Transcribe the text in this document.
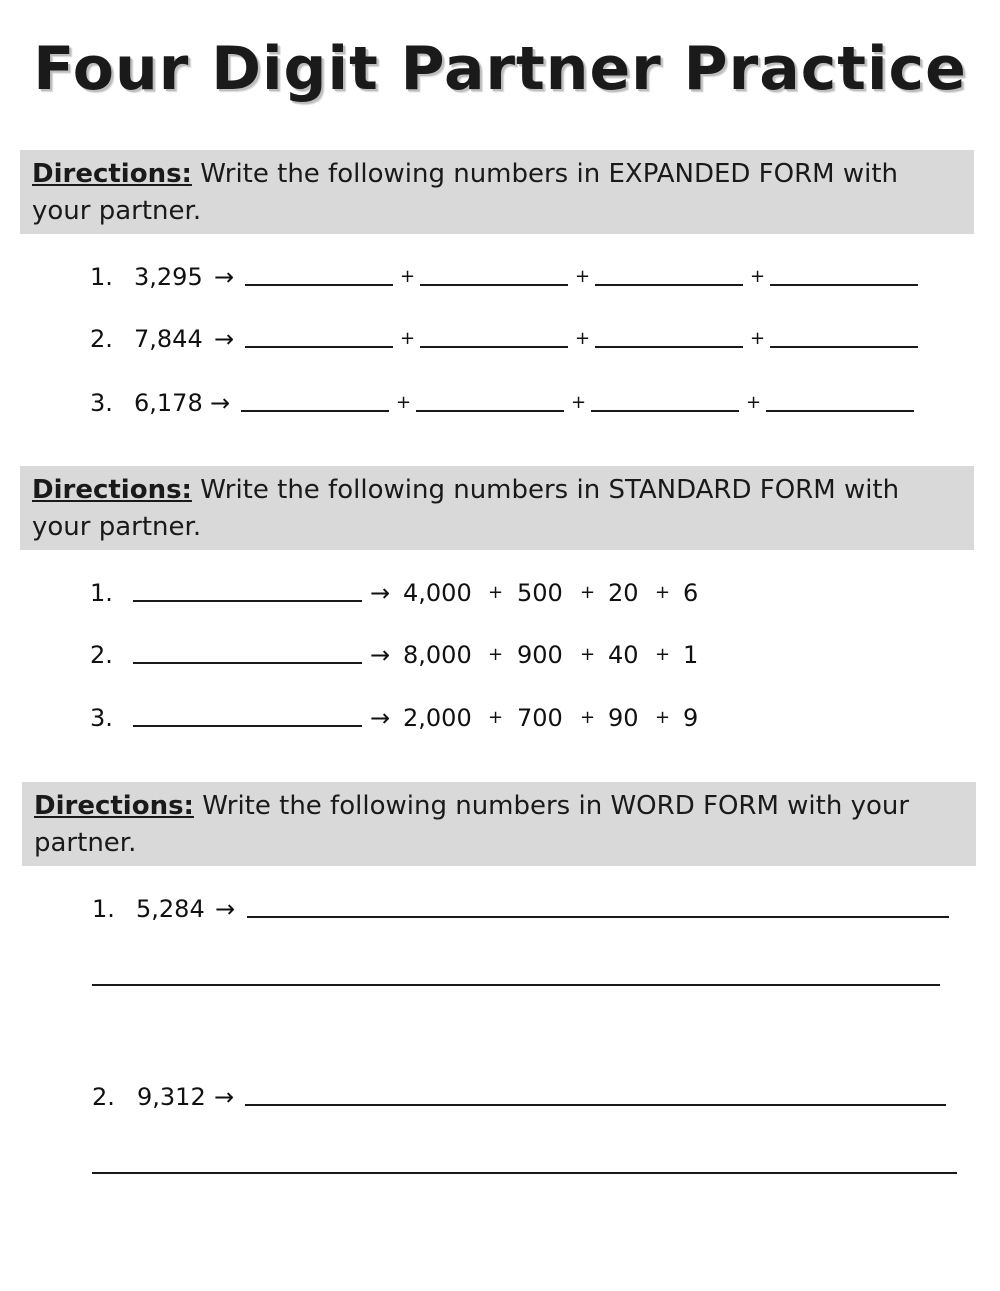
Four Digit Partner Practice
Directions: Write the following numbers in EXPANDED FORM with your partner.
1. 3,295 →	+	+	+
2. 7,844 →	+	+	+
3. 6,178 →	+	+	+
Directions: Write the following numbers in STANDARD FORM with your partner.
1.	→ 4,000 + 500 + 20 + 6
2.	→ 8,000 + 900 + 40 + 1
3.	→ 2,000 + 700 + 90 + 9
Directions: Write the following numbers in WORD FORM with your partner.
1. 5,284 →
2. 9,312 →
